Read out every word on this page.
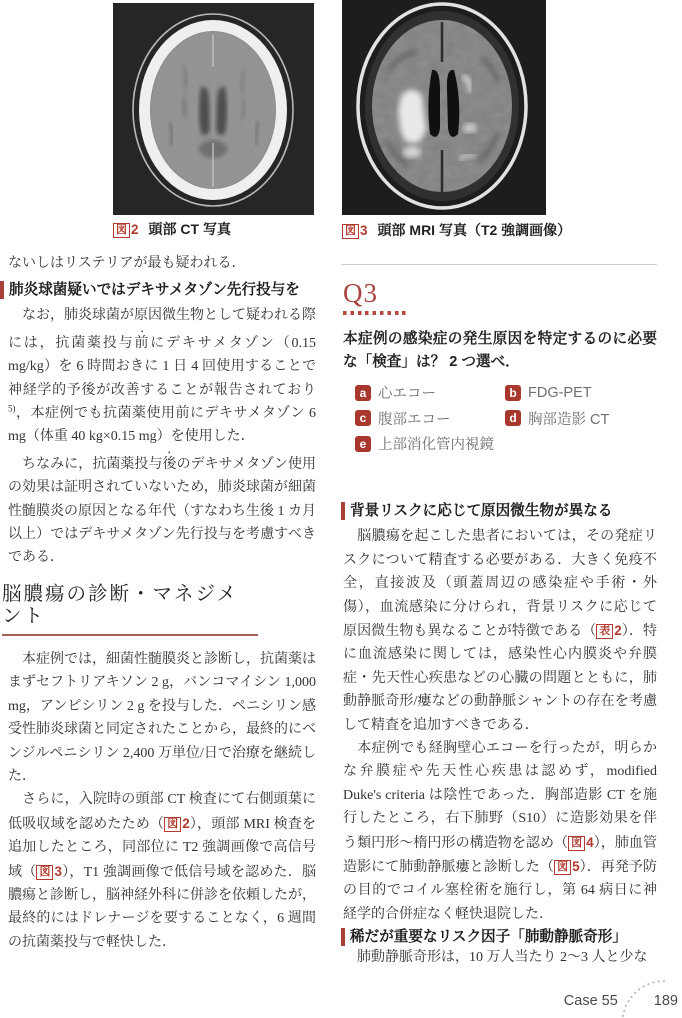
図 2 頭部 CT 写真	図 3 頭部 MRI 写真（T2 強調画像）

ないしはリステリアが最も疑われる．

肺炎球菌疑いではデキサメタゾン先行投与を

　なお，肺炎球菌が原因微生物として疑われる際には，抗菌薬投与前にデキサメタゾン（0.15 mg/kg）を 6 時間おきに 1 日 4 回使用することで神経学的予後が改善することが報告されており$^{5)}$，本症例でも抗菌薬使用前にデキサメタゾン 6 mg（体重 40 kg×0.15 mg）を使用した．

　ちなみに，抗菌薬投与後のデキサメタゾン使用の効果は証明されていないため，肺炎球菌が細菌性髄膜炎の原因となる年代（すなわち生後 1 カ月以上）ではデキサメタゾン先行投与を考慮すべきである．

脳膿瘍の診断・マネジメント

　本症例では，細菌性髄膜炎と診断し，抗菌薬はまずセフトリアキソン 2 g，バンコマイシン 1,000 mg，アンピシリン 2 g を投与した．ペニシリン感受性肺炎球菌と同定されたことから，最終的にベンジルペニシリン 2,400 万単位/日で治療を継続した．

　さらに，入院時の頭部 CT 検査にて右側頭葉に低吸収域を認めたため（ 図 2），頭部 MRI 検査を追加したところ，同部位に T2 強調画像で高信号域（ 図 3），T1 強調画像で低信号域を認めた．脳膿瘍と診断し，脳神経外科に併診を依頼したが，最終的にはドレナージを要することなく，6 週間の抗菌薬投与で軽快した．

Q3

本症例の感染症の発生原因を特定するのに必要な「検査」は？ 2 つ選べ．

a 心エコー	b FDG-PET
c 腹部エコー	d 胸部造影 CT
e 上部消化管内視鏡
背景リスクに応じて原因微生物が異なる

　脳膿瘍を起こした患者においては，その発症リスクについて精査する必要がある．大きく免疫不全，直接波及（頭蓋周辺の感染症や手術・外傷），血流感染に分けられ，背景リスクに応じて原因微生物も異なることが特徴である（ 表 2）．特に血流感染に関しては，感染性心内膜炎や弁膜症・先天性心疾患などの心臓の問題とともに，肺動静脈奇形/瘻などの動静脈シャントの存在を考慮して精査を追加すべきである．

　本症例でも経胸壁心エコーを行ったが，明らかな弁膜症や先天性心疾患は認めず，modified Duke's criteria は陰性であった．胸部造影 CT を施行したところ，右下肺野（S10）に造影効果を伴う類円形〜楕円形の構造物を認め（ 図 4），肺血管造影にて肺動静脈瘻と診断した（ 図 5）．再発予防の目的でコイル塞栓術を施行し，第 64 病日に神経学的合併症なく軽快退院した．

稀だが重要なリスク因子「肺動静脈奇形」

　肺動静脈奇形は，10 万人当たり 2〜3 人と少な

Case 55 189
